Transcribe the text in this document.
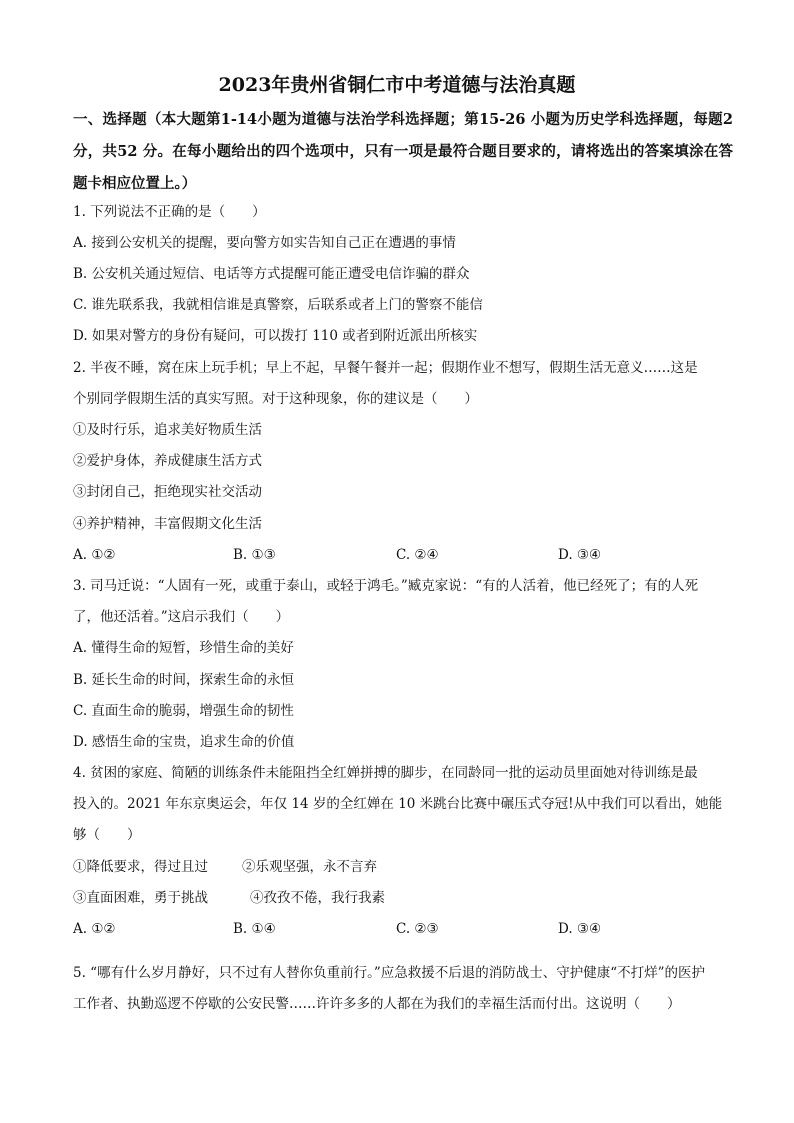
2023年贵州省铜仁市中考道德与法治真题
一、选择题（本大题第1-14小题为道德与法治学科选择题；第15-26 小题为历史学科选择题，每题2 分，共52 分。在每小题给出的四个选项中，只有一项是最符合题目要求的，请将选出的答案填涂在答题卡相应位置上。）
1. 下列说法不正确的是（　　）
A. 接到公安机关的提醒，要向警方如实告知自己正在遭遇的事情
B. 公安机关通过短信、电话等方式提醒可能正遭受电信诈骗的群众
C. 谁先联系我，我就相信谁是真警察，后联系或者上门的警察不能信
D. 如果对警方的身份有疑问，可以拨打 110 或者到附近派出所核实
2. 半夜不睡，窝在床上玩手机；早上不起，早餐午餐并一起；假期作业不想写，假期生活无意义……这是
个别同学假期生活的真实写照。对于这种现象，你的建议是（　　）
①及时行乐，追求美好物质生活
②爱护身体，养成健康生活方式
③封闭自己，拒绝现实社交活动
④养护精神，丰富假期文化生活
A. ①②	B. ①③	C. ②④	D. ③④
3. 司马迁说：“人固有一死，或重于泰山，或轻于鸿毛。”臧克家说：“有的人活着，他已经死了；有的人死
了，他还活着。”这启示我们（　　）
A. 懂得生命的短暂，珍惜生命的美好
B. 延长生命的时间，探索生命的永恒
C. 直面生命的脆弱，增强生命的韧性
D. 感悟生命的宝贵，追求生命的价值
4. 贫困的家庭、简陋的训练条件未能阻挡全红婵拼搏的脚步，在同龄同一批的运动员里面她对待训练是最
投入的。2021 年东京奥运会，年仅 14 岁的全红婵在 10 米跳台比赛中碾压式夺冠!从中我们可以看出，她能
够（　　）
①降低要求，得过且过	②乐观坚强，永不言弃
③直面困难，勇于挑战	④孜孜不倦，我行我素
A. ①②	B. ①④	C. ②③	D. ③④
5. “哪有什么岁月静好，只不过有人替你负重前行。”应急救援不后退的消防战士、守护健康“不打烊”的医护
工作者、执勤巡逻不停歇的公安民警……许许多多的人都在为我们的幸福生活而付出。这说明（　　）
